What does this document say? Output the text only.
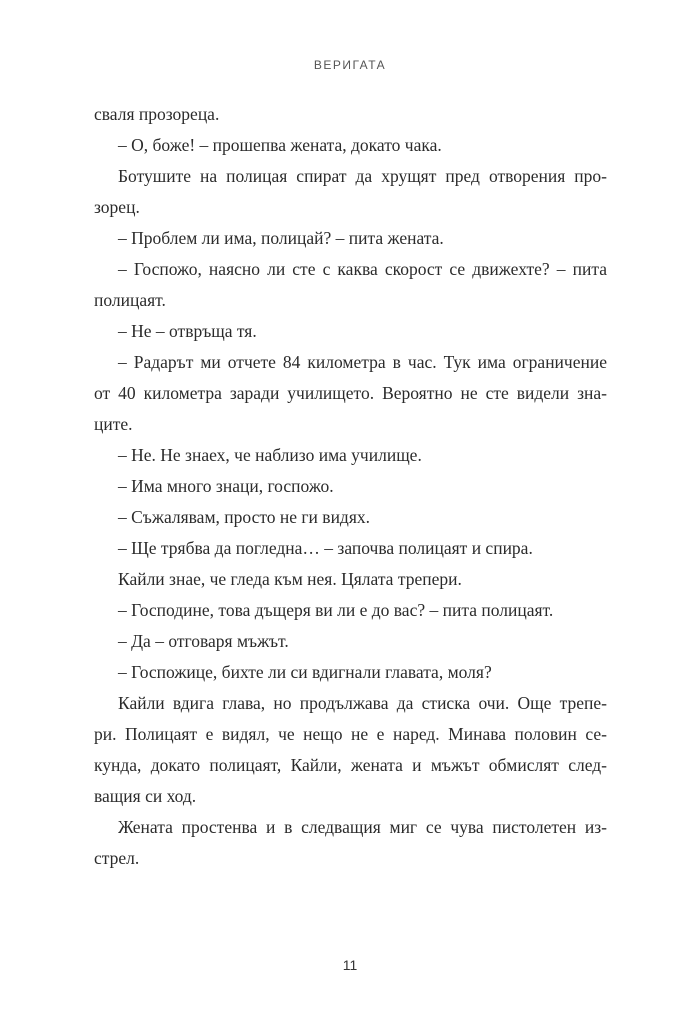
ВЕРИГАТА
сваля прозореца.
– О, боже! – прошепва жената, докато чака.
Ботушите на полицая спират да хрущят пред отворения про-
зорец.
– Проблем ли има, полицай? – пита жената.
– Госпожо, наясно ли сте с каква скорост се движехте? – пита
полицаят.
– Не – отвръща тя.
– Радарът ми отчете 84 километра в час. Тук има ограничение
от 40 километра заради училището. Вероятно не сте видели зна-
ците.
– Не. Не знаех, че наблизо има училище.
– Има много знаци, госпожо.
– Съжалявам, просто не ги видях.
– Ще трябва да погледна… – започва полицаят и спира.
Кайли знае, че гледа към нея. Цялата трепери.
– Господине, това дъщеря ви ли е до вас? – пита полицаят.
– Да – отговаря мъжът.
– Госпожице, бихте ли си вдигнали главата, моля?
Кайли вдига глава, но продължава да стиска очи. Още трепе-
ри. Полицаят е видял, че нещо не е наред. Минава половин се-
кунда, докато полицаят, Кайли, жената и мъжът обмислят след-
ващия си ход.
Жената простенва и в следващия миг се чува пистолетен из-
стрел.
11
